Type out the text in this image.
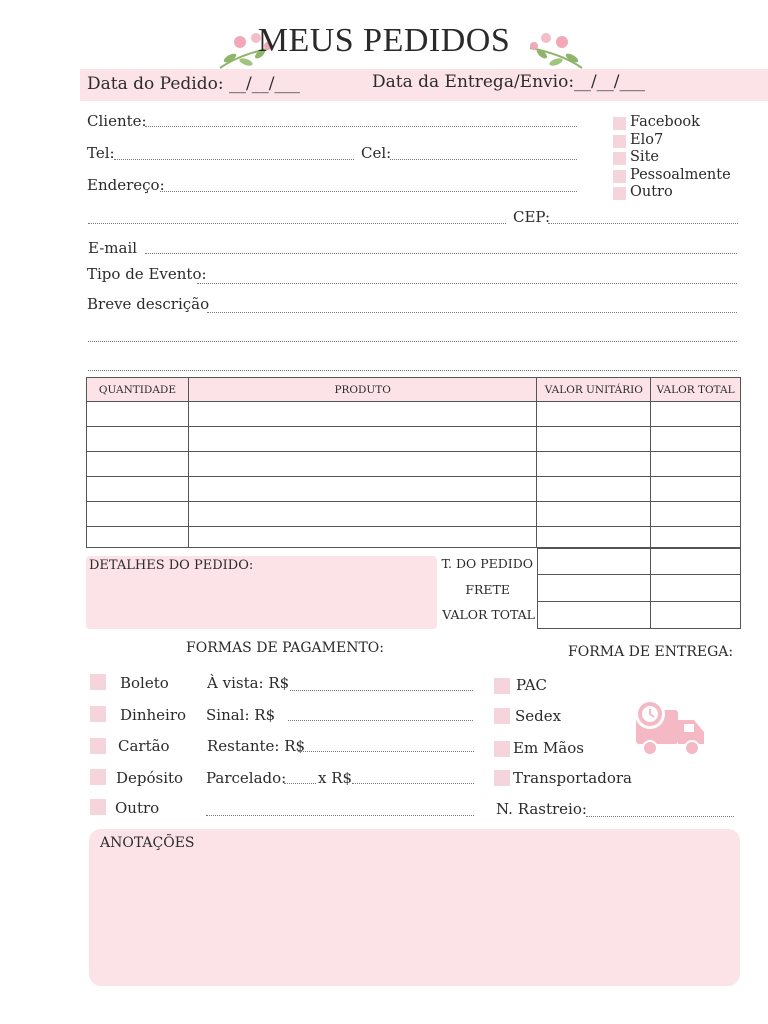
MEUS PEDIDOS
Data do Pedido: __/__/___	Data da Entrega/Envio:__/__/___
Cliente:
Tel:	Cel:
Endereço:
CEP:
Facebook
Elo7
Site
Pessoalmente
Outro
E-mail
Tipo de Evento:
Breve descrição
QUANTIDADE	PRODUTO	VALOR UNITÁRIO	VALOR TOTAL

T. DO PEDIDO
FRETE
VALOR TOTAL
DETALHES DO PEDIDO:
FORMAS DE PAGAMENTO:
Boleto
Dinheiro
Cartão
Depósito
Outro
À vista: R$
Sinal: R$
Restante: R$
Parcelado: x R$
FORMA DE ENTREGA:
PAC
Sedex
Em Mãos
Transportadora
N. Rastreio:
ANOTAÇÕES
